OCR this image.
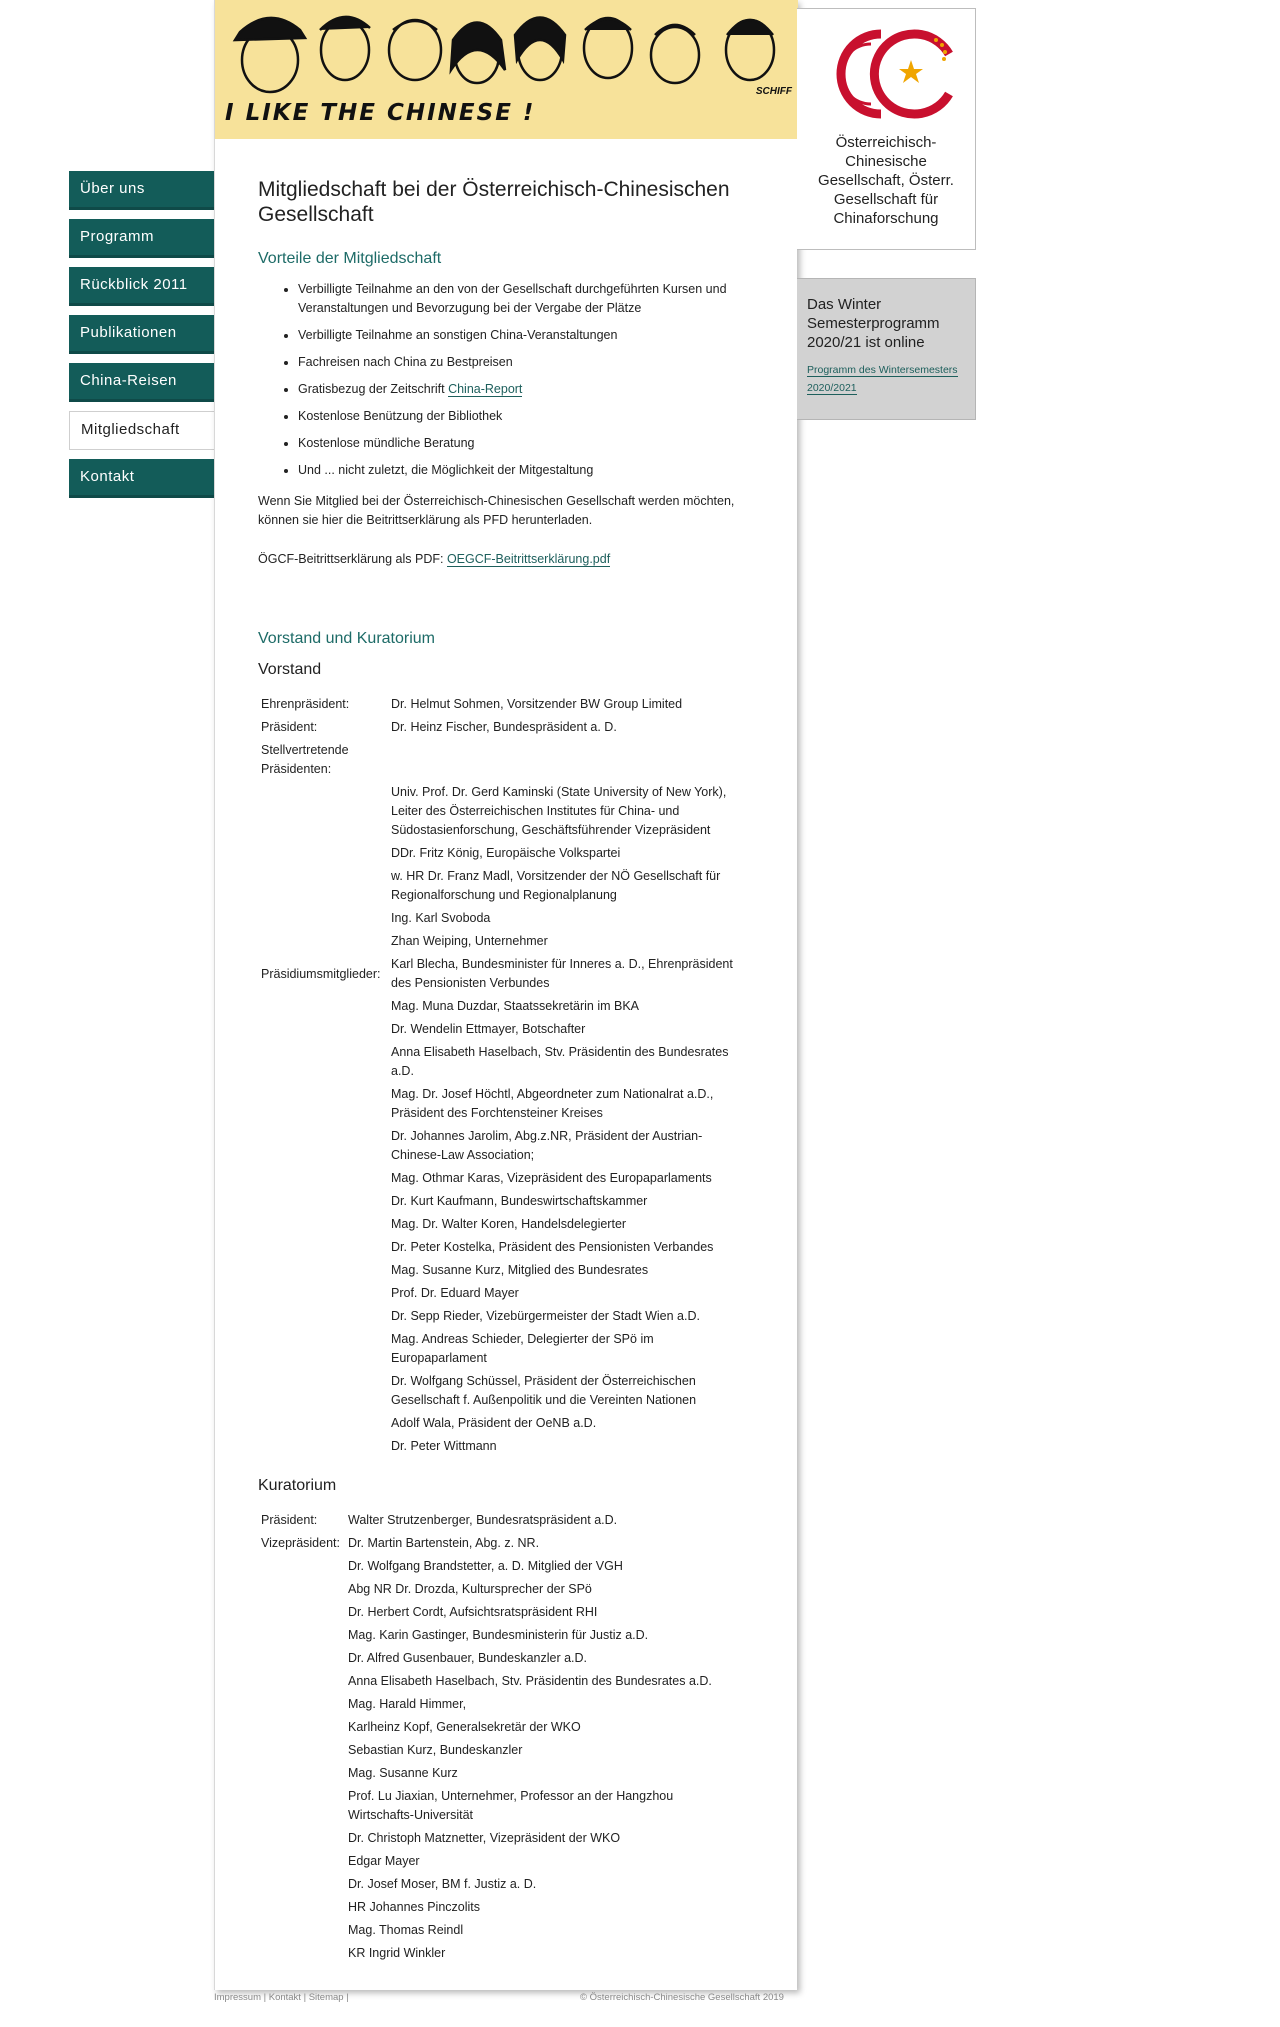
Über uns
Programm
Rückblick 2011
Publikationen
China-Reisen
Mitgliedschaft
Kontakt
I LIKE THE CHINESE !
SCHIFF
Mitgliedschaft bei der Österreichisch-Chinesischen Gesellschaft
Vorteile der Mitgliedschaft
• Verbilligte Teilnahme an den von der Gesellschaft durchgeführten Kursen und Veranstaltungen und Bevorzugung bei der Vergabe der Plätze
• Verbilligte Teilnahme an sonstigen China-Veranstaltungen
• Fachreisen nach China zu Bestpreisen
• Gratisbezug der Zeitschrift China-Report
• Kostenlose Benützung der Bibliothek
• Kostenlose mündliche Beratung
• Und ... nicht zuletzt, die Möglichkeit der Mitgestaltung

Wenn Sie Mitglied bei der Österreichisch-Chinesischen Gesellschaft werden möchten, können sie hier die Beitrittserklärung als PFD herunterladen.

ÖGCF-Beitrittserklärung als PDF: OEGCF-Beitrittserklärung.pdf

Vorstand und Kuratorium
Vorstand
Ehrenpräsident:	Dr. Helmut Sohmen, Vorsitzender BW Group Limited
Präsident:	Dr. Heinz Fischer, Bundespräsident a. D.
Stellvertretende Präsidenten:	
	Univ. Prof. Dr. Gerd Kaminski (State University of New York), Leiter des Österreichischen Institutes für China- und Südostasienforschung, Geschäftsführender Vizepräsident
	DDr. Fritz König, Europäische Volkspartei
	w. HR Dr. Franz Madl, Vorsitzender der NÖ Gesellschaft für Regionalforschung und Regionalplanung
	Ing. Karl Svoboda
	Zhan Weiping, Unternehmer
Präsidiumsmitglieder:	Karl Blecha, Bundesminister für Inneres a. D., Ehrenpräsident des Pensionisten Verbundes
	Mag. Muna Duzdar, Staatssekretärin im BKA
	Dr. Wendelin Ettmayer, Botschafter
	Anna Elisabeth Haselbach, Stv. Präsidentin des Bundesrates a.D.
	Mag. Dr. Josef Höchtl, Abgeordneter zum Nationalrat a.D., Präsident des Forchtensteiner Kreises
	Dr. Johannes Jarolim, Abg.z.NR, Präsident der Austrian-Chinese-Law Association;
	Mag. Othmar Karas, Vizepräsident des Europaparlaments
	Dr. Kurt Kaufmann, Bundeswirtschaftskammer
	Mag. Dr. Walter Koren, Handelsdelegierter
	Dr. Peter Kostelka, Präsident des Pensionisten Verbandes
	Mag. Susanne Kurz, Mitglied des Bundesrates
	Prof. Dr. Eduard Mayer
	Dr. Sepp Rieder, Vizebürgermeister der Stadt Wien a.D.
	Mag. Andreas Schieder, Delegierter der SPö im Europaparlament
	Dr. Wolfgang Schüssel, Präsident der Österreichischen Gesellschaft f. Außenpolitik und die Vereinten Nationen
	Adolf Wala, Präsident der OeNB a.D.
	Dr. Peter Wittmann
Kuratorium
Präsident:	Walter Strutzenberger, Bundesratspräsident a.D.
Vizepräsident:	Dr. Martin Bartenstein, Abg. z. NR.
	Dr. Wolfgang Brandstetter, a. D. Mitglied der VGH
	Abg NR Dr. Drozda, Kultursprecher der SPö
	Dr. Herbert Cordt, Aufsichtsratspräsident RHI
	Mag. Karin Gastinger, Bundesministerin für Justiz a.D.
	Dr. Alfred Gusenbauer, Bundeskanzler a.D.
	Anna Elisabeth Haselbach, Stv. Präsidentin des Bundesrates a.D.
	Mag. Harald Himmer,
	Karlheinz Kopf, Generalsekretär der WKO
	Sebastian Kurz, Bundeskanzler
	Mag. Susanne Kurz
	Prof. Lu Jiaxian, Unternehmer, Professor an der Hangzhou Wirtschafts-Universität
	Dr. Christoph Matznetter, Vizepräsident der WKO
	Edgar Mayer
	Dr. Josef Moser, BM f. Justiz a. D.
	HR Johannes Pinczolits
	Mag. Thomas Reindl
	KR Ingrid Winkler
Impressum | Kontakt | Sitemap |	© Österreichisch-Chinesische Gesellschaft 2019
Österreichisch-Chinesische Gesellschaft, Österr. Gesellschaft für Chinaforschung
Das Winter Semesterprogramm 2020/21 ist online
Programm des Wintersemesters 2020/2021
